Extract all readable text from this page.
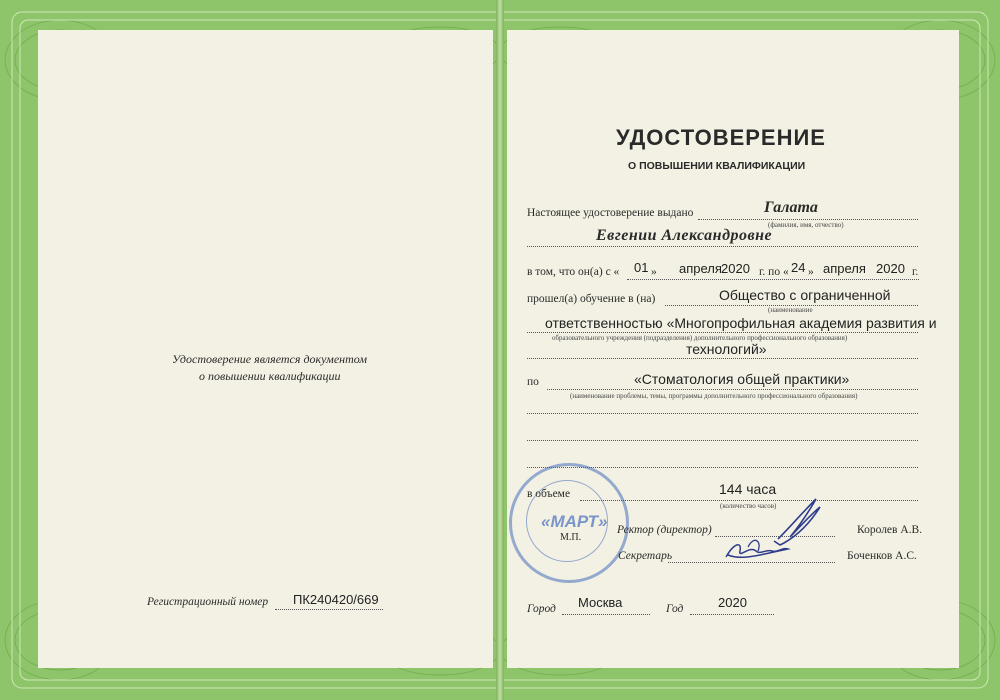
Удостоверение является документом
о повышении квалификации
Регистрационный номер ПК240420/669
УДОСТОВЕРЕНИЕ
О ПОВЫШЕНИИ КВАЛИФИКАЦИИ
Настоящее удостоверение выдано	Галата
(фамилия, имя, отчество)
Евгении Александровне
в том, что он(а) с « 01 » апреля 2020 г. по « 24 » апреля 2020 г.
прошел(а) обучение в (на)	Общество с ограниченной
(наименование
ответственностью «Многопрофильная академия развития и
образовательного учреждения (подразделения) дополнительного профессионального образования)
технологий»
по	«Стоматология общей практики»
(наименование проблемы, темы, программы дополнительного профессионального образования)
«МАРТ»
в объеме	144 часа
(количество часов)
М.П.
Ректор (директор)	Королев А.В.
Секретарь	Боченков А.С.
Город Москва	Год	2020
